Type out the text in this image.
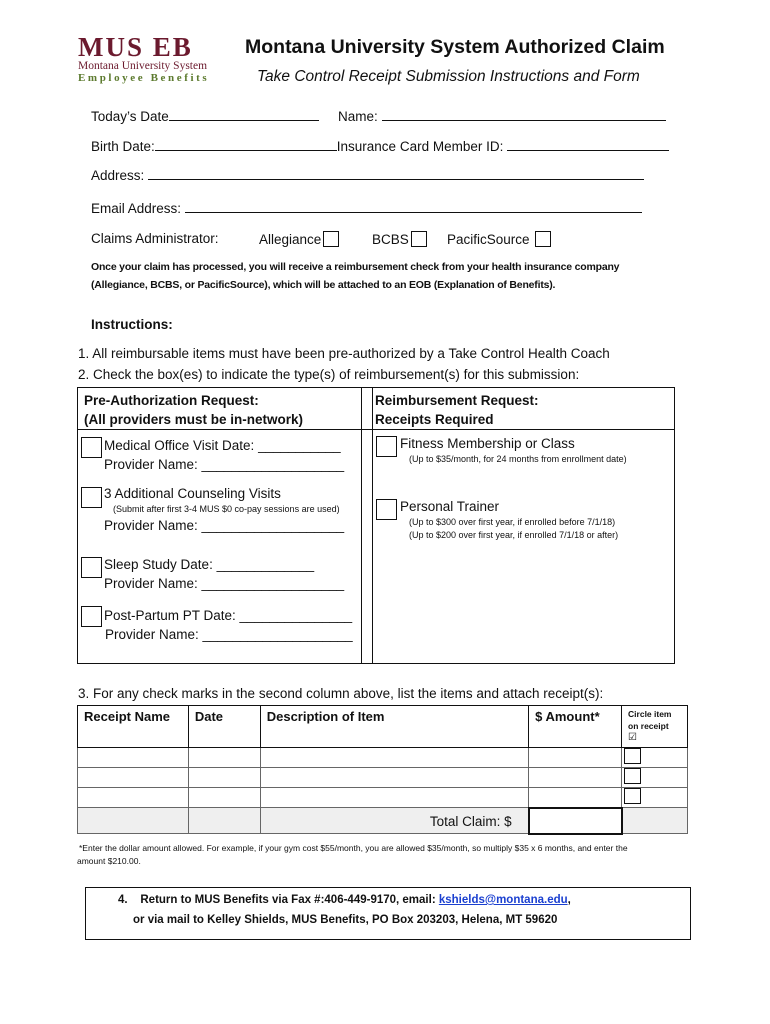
MUS EB
Montana University System
Employee Benefits
Montana University System Authorized Claim
Take Control Receipt Submission Instructions and Form
Today’s Date	Name:
Birth Date:	Insurance Card Member ID:
Address:
Email Address:
Claims Administrator:	Allegiance	BCBS	PacificSource
Once your claim has processed, you will receive a reimbursement check from your health insurance company
(Allegiance, BCBS, or PacificSource), which will be attached to an EOB (Explanation of Benefits).
Instructions:
1. All reimbursable items must have been pre-authorized by a Take Control Health Coach
2. Check the box(es) to indicate the type(s) of reimbursement(s) for this submission:
Pre-Authorization Request:
(All providers must be in-network)
Reimbursement Request:
Receipts Required
Medical Office Visit Date: ___________
Provider Name: ___________________
3 Additional Counseling Visits
(Submit after first 3-4 MUS $0 co-pay sessions are used)
Provider Name: ___________________
Sleep Study Date: _____________
Provider Name: ___________________
Post-Partum PT Date: _______________
Provider Name: ____________________
Fitness Membership or Class
(Up to $35/month, for 24 months from enrollment date)
Personal Trainer
(Up to $300 over first year, if enrolled before 7/1/18)
(Up to $200 over first year, if enrolled 7/1/18 or after)
3. For any check marks in the second column above, list the items and attach receipt(s):
Receipt Name	Date	Description of Item	$ Amount*	Circle item
on receipt
☑

		Total Claim: $		
*Enter the dollar amount allowed. For example, if your gym cost $55/month, you are allowed $35/month, so multiply $35 x 6 months, and enter the
amount $210.00.
4.    Return to MUS Benefits via Fax #:406-449-9170, email: kshields@montana.edu,
or via mail to Kelley Shields, MUS Benefits, PO Box 203203, Helena, MT 59620
